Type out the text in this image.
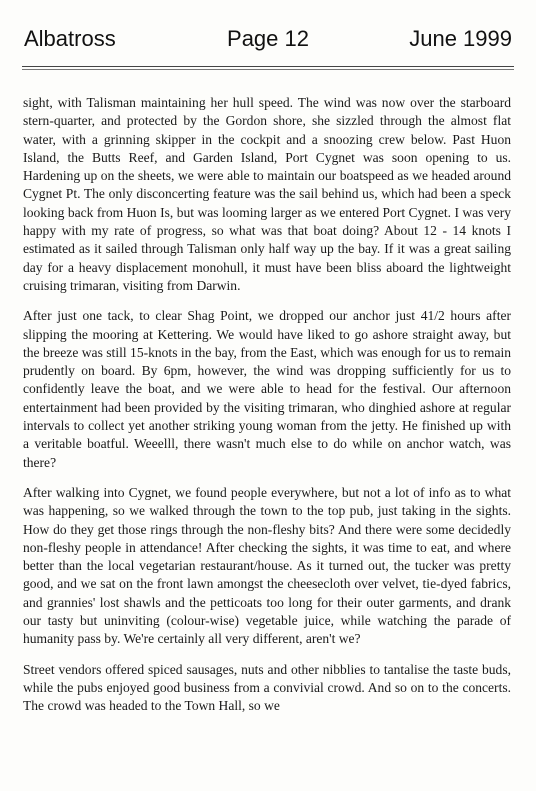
Albatross	Page 12	June 1999

sight, with Talisman maintaining her hull speed. The wind was now over the starboard stern-quarter, and protected by the Gordon shore, she sizzled through the almost flat water, with a grinning skipper in the cockpit and a snoozing crew below. Past Huon Island, the Butts Reef, and Garden Island, Port Cygnet was soon opening to us. Hardening up on the sheets, we were able to maintain our boatspeed as we headed around Cygnet Pt. The only disconcerting feature was the sail behind us, which had been a speck looking back from Huon Is, but was looming larger as we entered Port Cygnet. I was very happy with my rate of progress, so what was that boat doing? About 12 - 14 knots I estimated as it sailed through Talisman only half way up the bay. If it was a great sailing day for a heavy displacement monohull, it must have been bliss aboard the lightweight cruising trimaran, visiting from Darwin.

After just one tack, to clear Shag Point, we dropped our anchor just 41/2 hours after slipping the mooring at Kettering. We would have liked to go ashore straight away, but the breeze was still 15-knots in the bay, from the East, which was enough for us to remain prudently on board. By 6pm, however, the wind was dropping sufficiently for us to confidently leave the boat, and we were able to head for the festival. Our afternoon entertainment had been provided by the visiting trimaran, who dinghied ashore at regular intervals to collect yet another striking young woman from the jetty. He finished up with a veritable boatful. Weeelll, there wasn't much else to do while on anchor watch, was there?

After walking into Cygnet, we found people everywhere, but not a lot of info as to what was happening, so we walked through the town to the top pub, just taking in the sights. How do they get those rings through the non-fleshy bits? And there were some decidedly non-fleshy people in attendance! After checking the sights, it was time to eat, and where better than the local vegetarian restaurant/house. As it turned out, the tucker was pretty good, and we sat on the front lawn amongst the cheesecloth over velvet, tie-dyed fabrics, and grannies' lost shawls and the petticoats too long for their outer garments, and drank our tasty but uninviting (colour-wise) vegetable juice, while watching the parade of humanity pass by. We're certainly all very different, aren't we?

Street vendors offered spiced sausages, nuts and other nibblies to tantalise the taste buds, while the pubs enjoyed good business from a convivial crowd. And so on to the concerts. The crowd was headed to the Town Hall, so we
